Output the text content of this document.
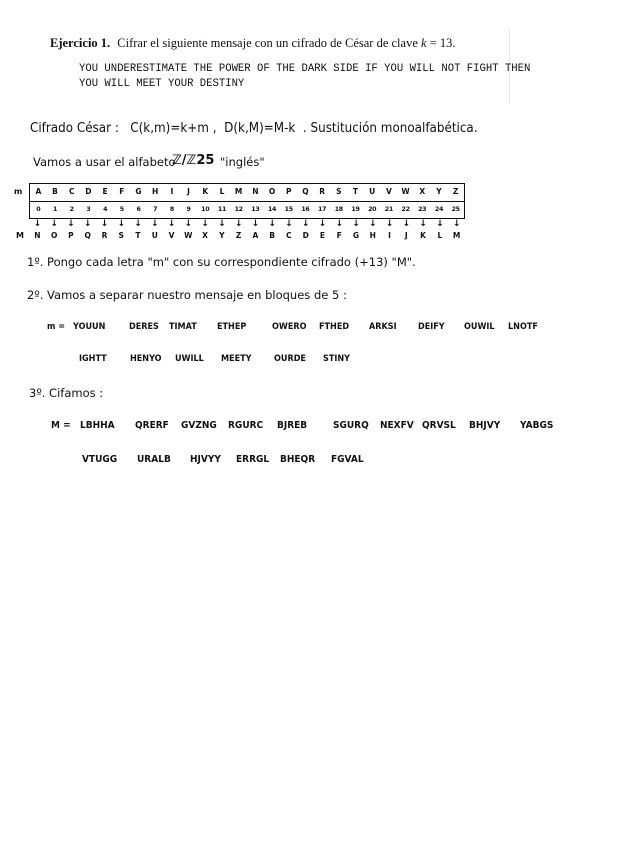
Ejercicio 1. Cifrar el siguiente mensaje con un cifrado de César de clave k = 13.
YOU UNDERESTIMATE THE POWER OF THE DARK SIDE IF YOU WILL NOT FIGHT THEN
YOU WILL MEET YOUR DESTINY
Cifrado César :   C(k,m)=k+m ,  D(k,M)=M-k  . Sustitución monoalfabética.
Vamos a usar el alfabeto
ℤ/ℤ25 "inglés"
m
M
A	B	C	D	E	F	G	H	I	J	K	L	M	N	O	P	Q	R	S	T	U	V	W	X	Y	Z
0	1	2	3	4	5	6	7	8	9	10	11	12	13	14	15	16	17	18	19	20	21	22	23	24	25
↓	↓	↓	↓	↓	↓	↓	↓	↓	↓	↓	↓	↓	↓	↓	↓	↓	↓	↓	↓	↓	↓	↓	↓	↓	↓
N	O	P	Q	R	S	T	U	V	W	X	Y	Z	A	B	C	D	E	F	G	H	I	J	K	L	M
1º. Pongo cada letra "m" con su correspondiente cifrado (+13) "M".
2º. Vamos a separar nuestro mensaje en bloques de 5 :
m = YOUUN	DERES TIMAT ETHEP	OWERO FTHED ARKSI DEIFY OUWIL LNOTF
IGHTT	HENYO UWILL MEETY OURDE STINY
3º. Cifamos :
M = LBHHA QRERF GVZNG RGURC BJREB	SGURQ NEXFV QRVSL BHJVY YABGS
VTUGG URALB HJVYY ERRGL BHEQR FGVAL
